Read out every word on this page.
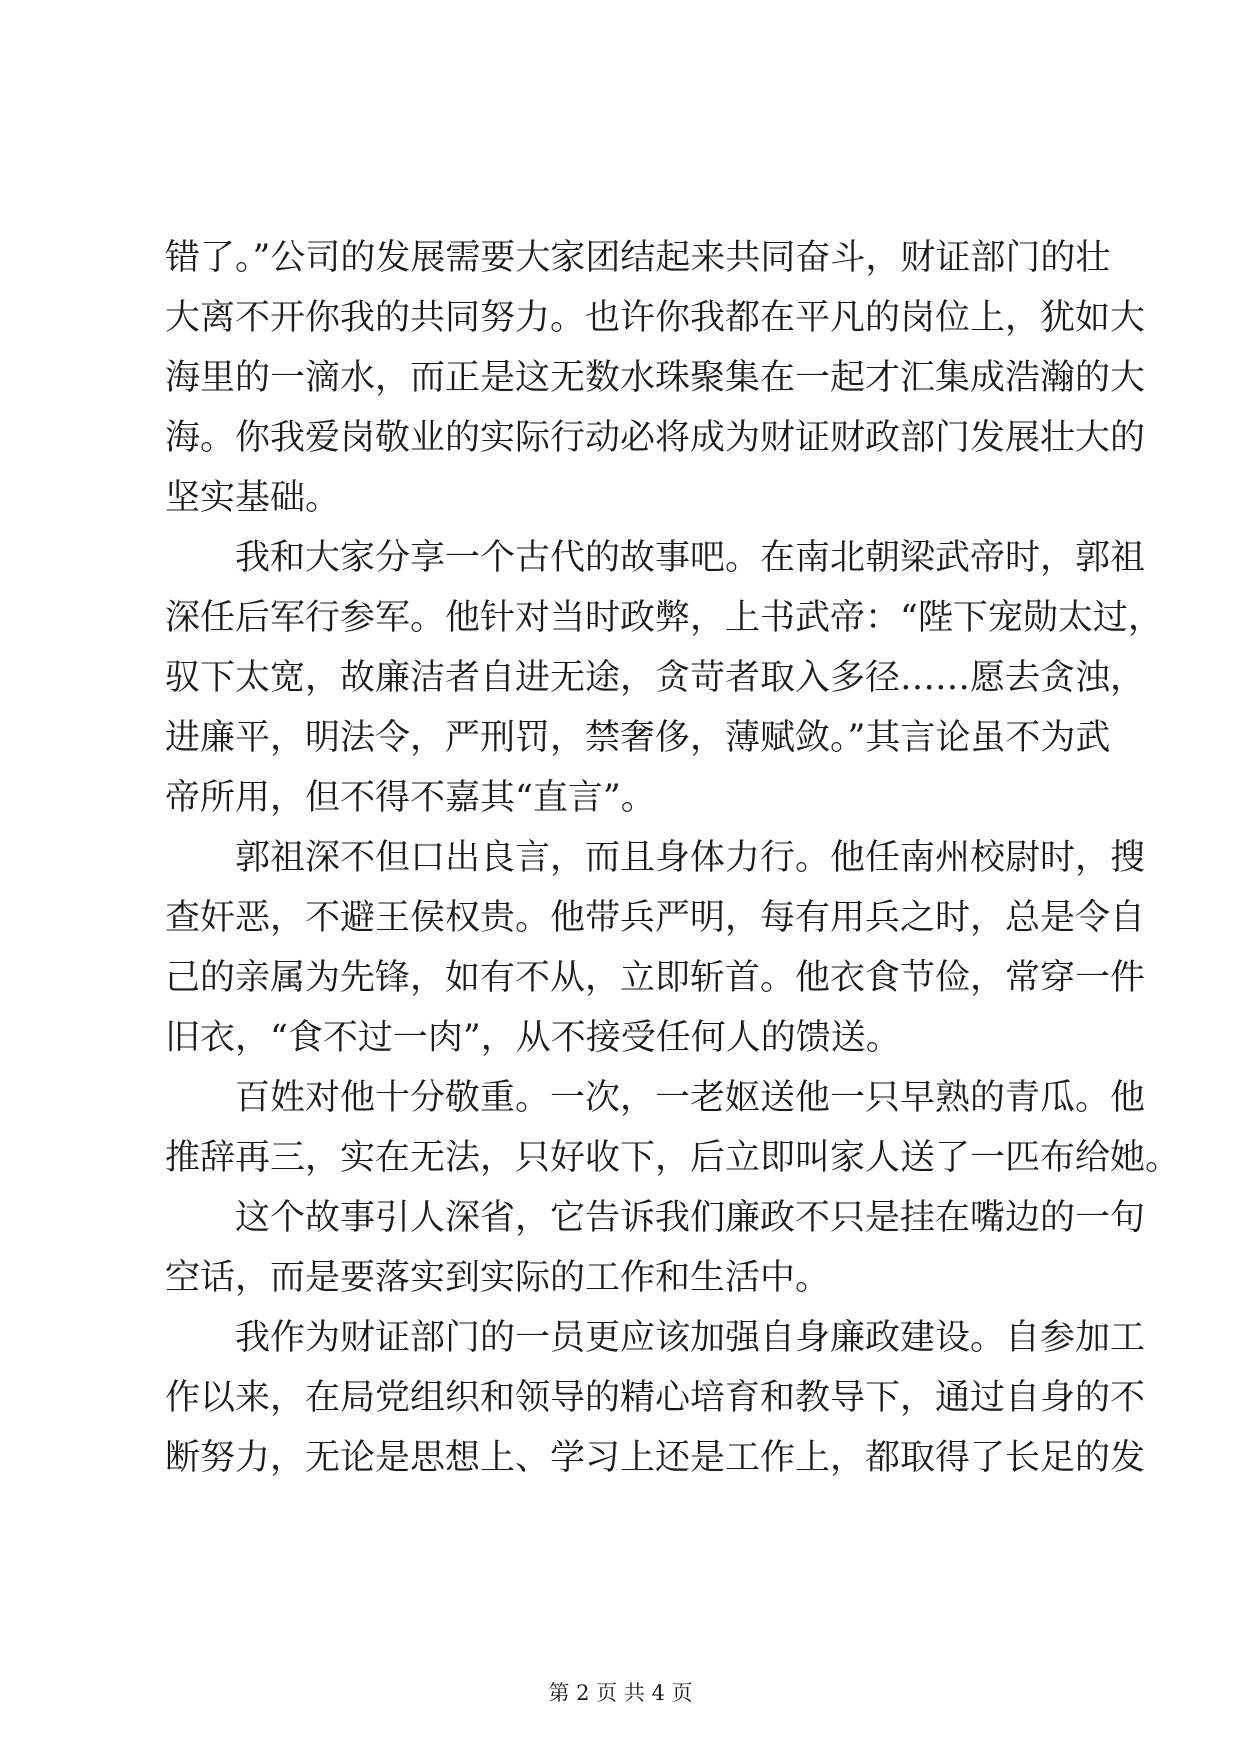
错了。”公司的发展需要大家团结起来共同奋斗，财证部门的壮
大离不开你我的共同努力。也许你我都在平凡的岗位上，犹如大
海里的一滴水，而正是这无数水珠聚集在一起才汇集成浩瀚的大
海。你我爱岗敬业的实际行动必将成为财证财政部门发展壮大的
坚实基础。
我和大家分享一个古代的故事吧。在南北朝梁武帝时，郭祖
深任后军行参军。他针对当时政弊，上书武帝：“陛下宠勋太过，
驭下太宽，故廉洁者自进无途，贪苛者取入多径……愿去贪浊，
进廉平，明法令，严刑罚，禁奢侈，薄赋敛。”其言论虽不为武
帝所用，但不得不嘉其“直言”。
郭祖深不但口出良言，而且身体力行。他任南州校尉时，搜
查奸恶，不避王侯权贵。他带兵严明，每有用兵之时，总是令自
己的亲属为先锋，如有不从，立即斩首。他衣食节俭，常穿一件
旧衣，“食不过一肉”，从不接受任何人的馈送。
百姓对他十分敬重。一次，一老妪送他一只早熟的青瓜。他
推辞再三，实在无法，只好收下，后立即叫家人送了一匹布给她。
这个故事引人深省，它告诉我们廉政不只是挂在嘴边的一句
空话，而是要落实到实际的工作和生活中。
我作为财证部门的一员更应该加强自身廉政建设。自参加工
作以来，在局党组织和领导的精心培育和教导下，通过自身的不
断努力，无论是思想上、学习上还是工作上，都取得了长足的发
第 2 页 共 4 页
